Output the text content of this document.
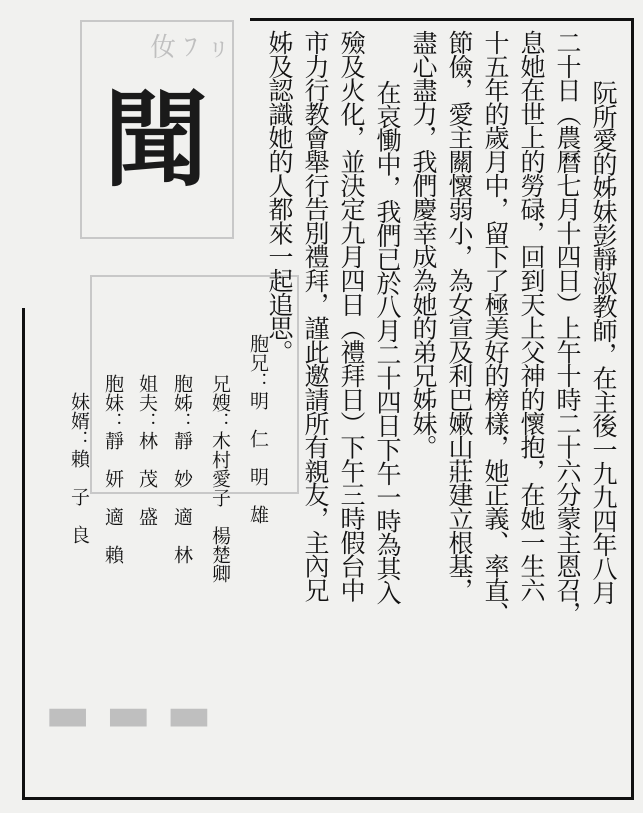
㚢 ﾌ ㇼ
▬ ▬ ▬
聞	阮所愛的姊妹彭靜淑教師，在主後一九九四年八月
二十日（農曆七月十四日）上午十時二十六分蒙主恩召，
息她在世上的勞碌，回到天上父神的懷抱，在她一生六
十五年的歲月中，留下了極美好的榜樣，她正義、率直、
節儉，愛主關懷弱小，為女宣及利巴嫩山莊建立根基，
盡心盡力，我們慶幸成為她的弟兄姊妹。
在哀慟中，我們已於八月二十四日下午一時為其入
殮及火化，並決定九月四日（禮拜日）下午三時假台中
市力行教會舉行告別禮拜，謹此邀請所有親友，主內兄
姊及認識她的人都來一起追思。
胞兄：明　仁　明　雄
兄嫂：木村愛子　楊楚卿
胞姊：靜　妙　適　林
姐夫：林　茂　盛
胞妹：靜　妍　適　賴
妹婿：賴　子　良
